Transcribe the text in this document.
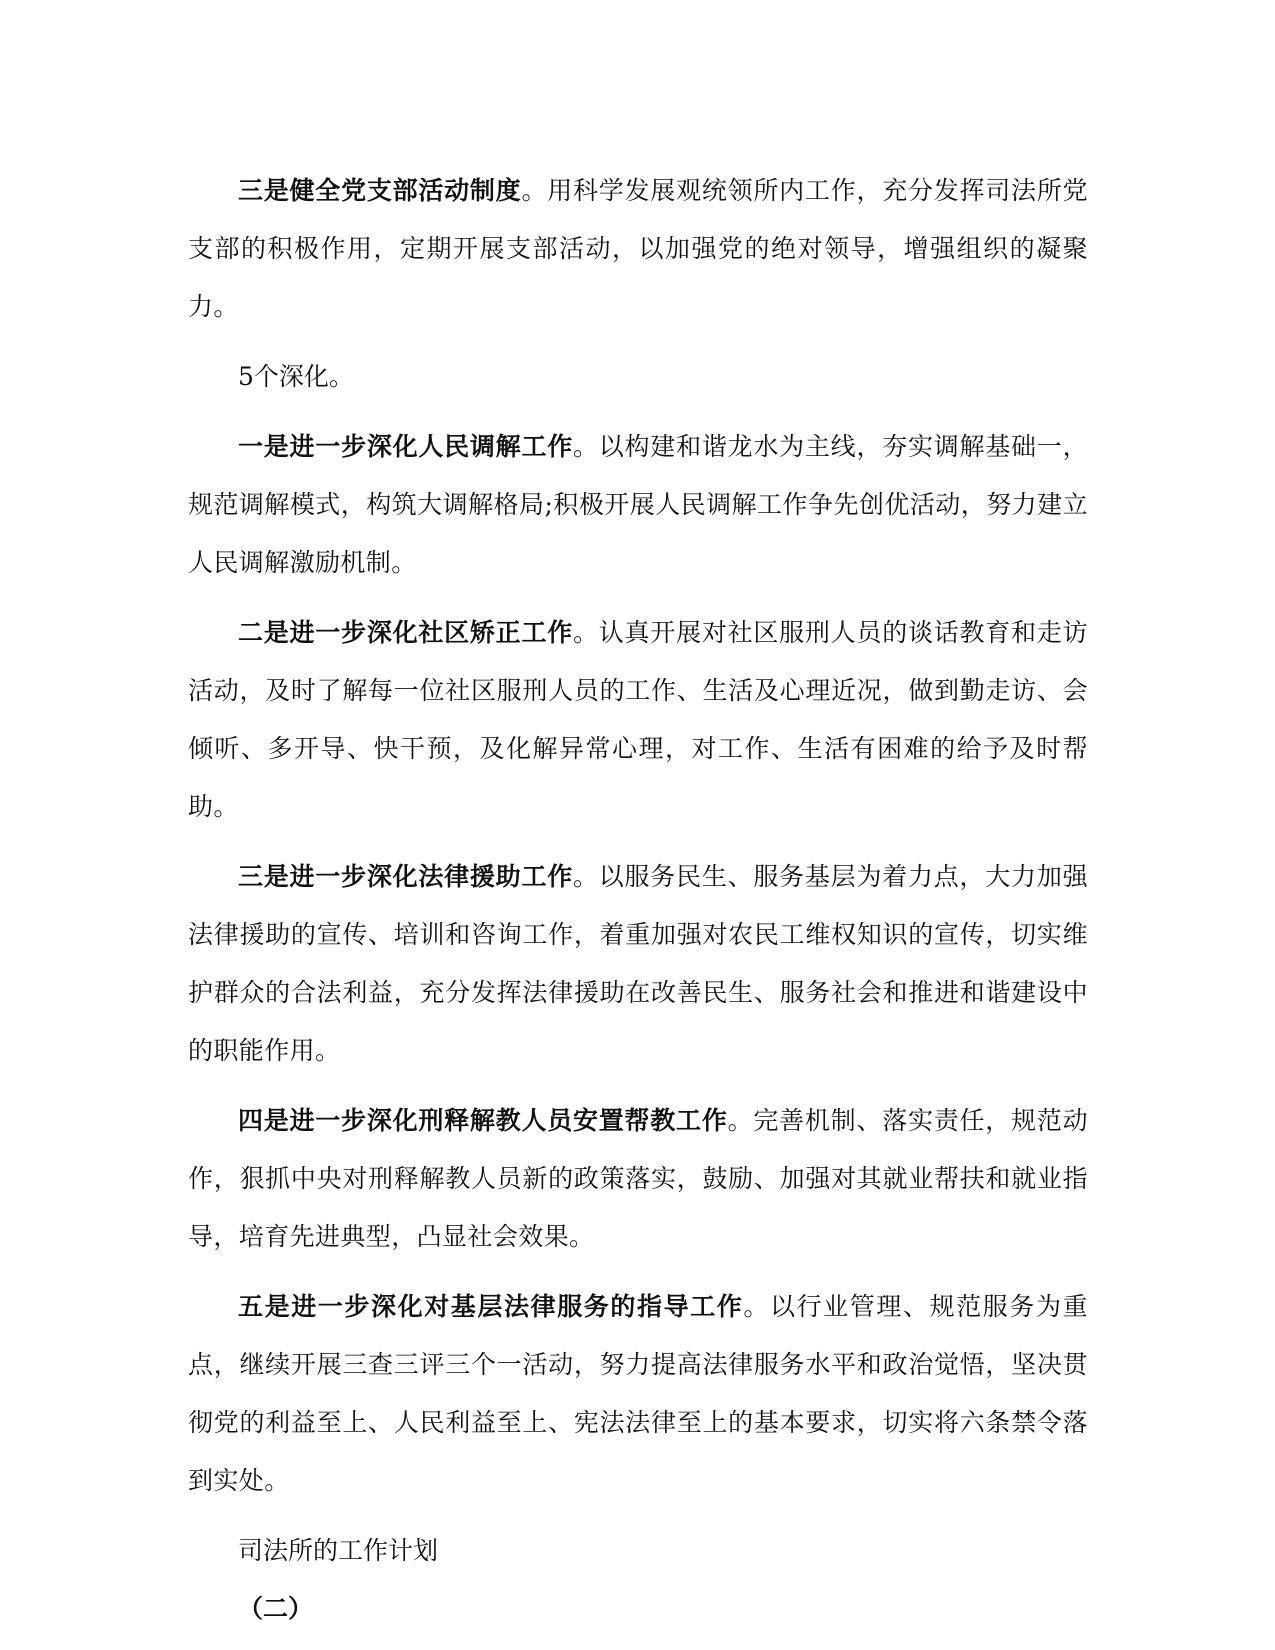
三是健全党支部活动制度。用科学发展观统领所内工作，充分发挥司法所党支部的积极作用，定期开展支部活动，以加强党的绝对领导，增强组织的凝聚力。

5个深化。

一是进一步深化人民调解工作。以构建和谐龙水为主线，夯实调解基础一，规范调解模式，构筑大调解格局;积极开展人民调解工作争先创优活动，努力建立人民调解激励机制。

二是进一步深化社区矫正工作。认真开展对社区服刑人员的谈话教育和走访活动，及时了解每一位社区服刑人员的工作、生活及心理近况，做到勤走访、会倾听、多开导、快干预，及化解异常心理，对工作、生活有困难的给予及时帮助。

三是进一步深化法律援助工作。以服务民生、服务基层为着力点，大力加强法律援助的宣传、培训和咨询工作，着重加强对农民工维权知识的宣传，切实维护群众的合法利益，充分发挥法律援助在改善民生、服务社会和推进和谐建设中的职能作用。

四是进一步深化刑释解教人员安置帮教工作。完善机制、落实责任，规范动作，狠抓中央对刑释解教人员新的政策落实，鼓励、加强对其就业帮扶和就业指导，培育先进典型，凸显社会效果。

五是进一步深化对基层法律服务的指导工作。以行业管理、规范服务为重点，继续开展三查三评三个一活动，努力提高法律服务水平和政治觉悟，坚决贯彻党的利益至上、人民利益至上、宪法法律至上的基本要求，切实将六条禁令落到实处。

司法所的工作计划

（二）
